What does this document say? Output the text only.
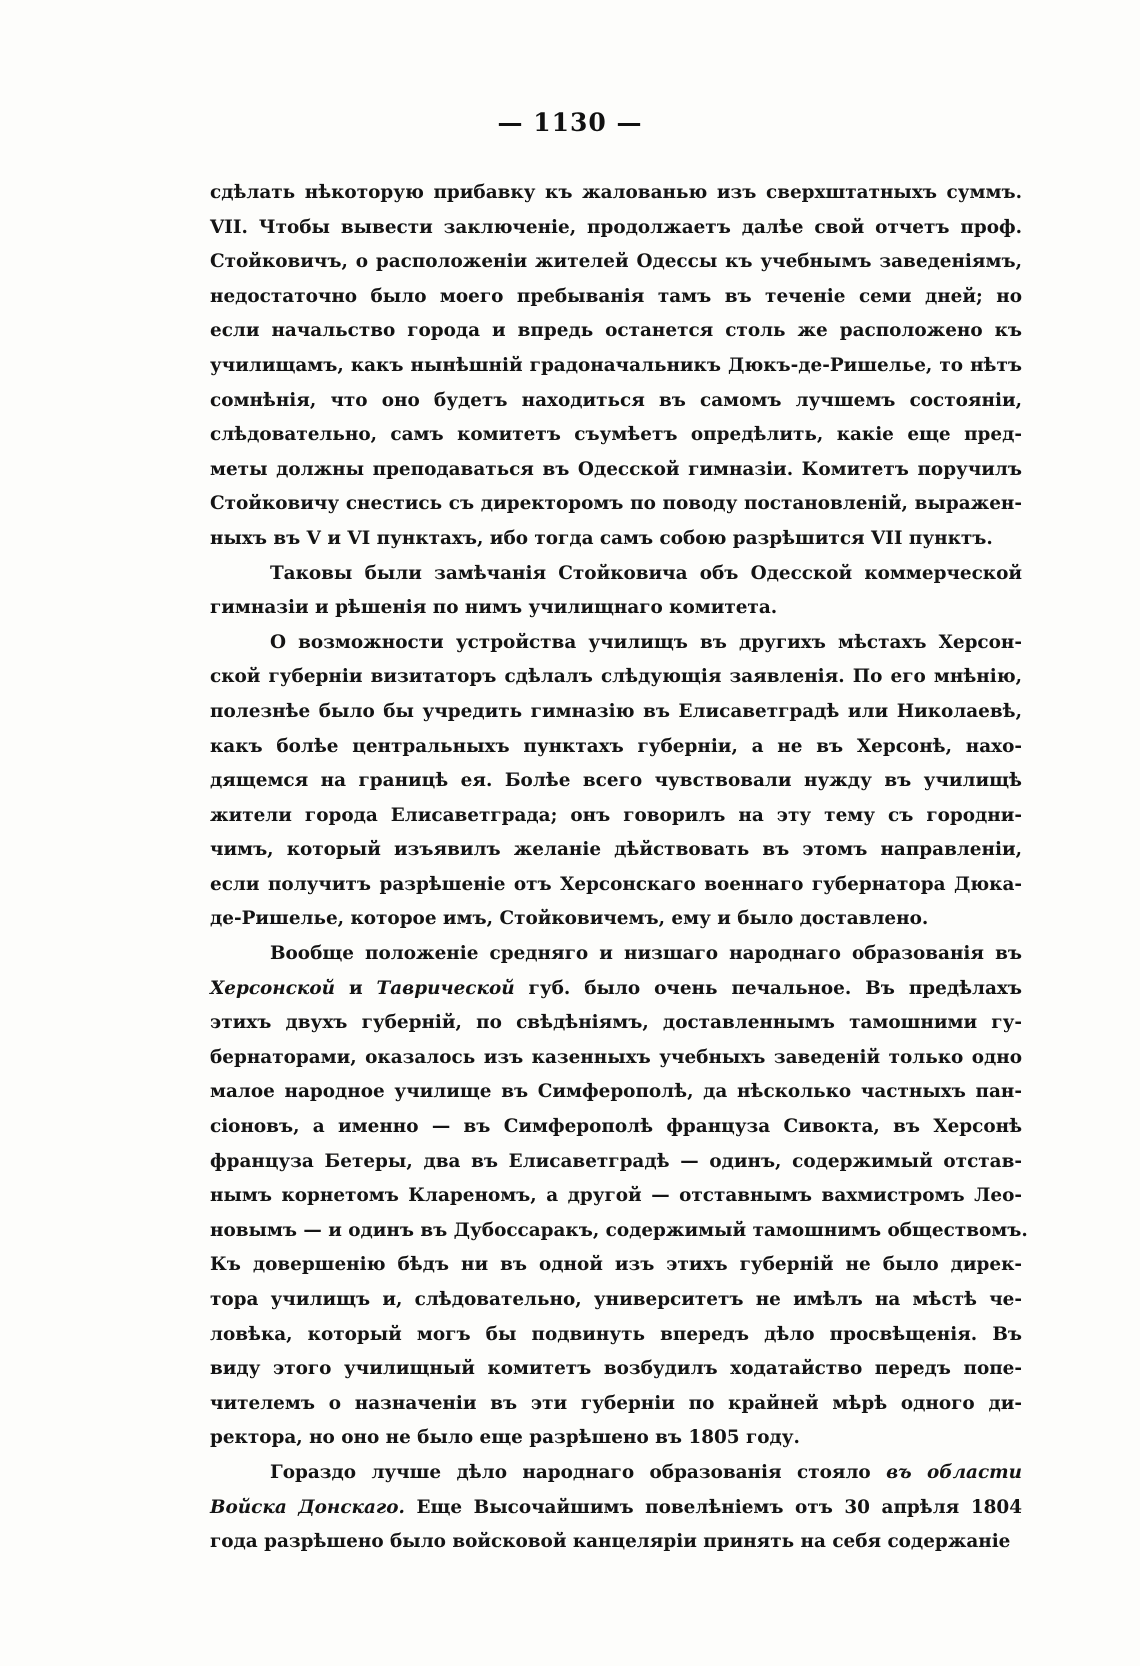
— 1130 —

сдѣлать нѣкоторую прибавку къ жалованью изъ сверхштатныхъ суммъ.
VII. Чтобы вывести заключеніе, продолжаетъ далѣе свой отчетъ проф.
Стойковичъ, о расположеніи жителей Одессы къ учебнымъ заведеніямъ,
недостаточно было моего пребыванія тамъ въ теченіе семи дней; но
если начальство города и впредь останется столь же расположено къ
училищамъ, какъ нынѣшній градоначальникъ Дюкъ-де-Ришелье, то нѣтъ
сомнѣнія, что оно будетъ находиться въ самомъ лучшемъ состояніи,
слѣдовательно, самъ комитетъ съумѣетъ опредѣлить, какіе еще пред-
меты должны преподаваться въ Одесской гимназіи. Комитетъ поручилъ
Стойковичу снестись съ директоромъ по поводу постановленій, выражен-
ныхъ въ V и VI пунктахъ, ибо тогда самъ собою разрѣшится VII пунктъ.

Таковы были замѣчанія Стойковича объ Одесской коммерческой
гимназіи и рѣшенія по нимъ училищнаго комитета.

О возможности устройства училищъ въ другихъ мѣстахъ Херсон-
ской губерніи визитаторъ сдѣлалъ слѣдующія заявленія. По его мнѣнію,
полезнѣе было бы учредить гимназію въ Елисаветградѣ или Николаевѣ,
какъ болѣе центральныхъ пунктахъ губерніи, а не въ Херсонѣ, нахо-
дящемся на границѣ ея. Болѣе всего чувствовали нужду въ училищѣ
жители города Елисаветграда; онъ говорилъ на эту тему съ городни-
чимъ, который изъявилъ желаніе дѣйствовать въ этомъ направленіи,
если получитъ разрѣшеніе отъ Херсонскаго военнаго губернатора Дюка-
де-Ришелье, которое имъ, Стойковичемъ, ему и было доставлено.

Вообще положеніе средняго и низшаго народнаго образованія въ
Херсонской и Таврической губ. было очень печальное. Въ предѣлахъ
этихъ двухъ губерній, по свѣдѣніямъ, доставленнымъ тамошними гу-
бернаторами, оказалось изъ казенныхъ учебныхъ заведеній только одно
малое народное училище въ Симферополѣ, да нѣсколько частныхъ пан-
сіоновъ, а именно — въ Симферополѣ француза Сивокта, въ Херсонѣ
француза Бетеры, два въ Елисаветградѣ — одинъ, содержимый отстав-
нымъ корнетомъ Клареномъ, а другой — отставнымъ вахмистромъ Лео-
новымъ — и одинъ въ Дубоссаракъ, содержимый тамошнимъ обществомъ.
Къ довершенію бѣдъ ни въ одной изъ этихъ губерній не было дирек-
тора училищъ и, слѣдовательно, университетъ не имѣлъ на мѣстѣ че-
ловѣка, который могъ бы подвинуть впередъ дѣло просвѣщенія. Въ
виду этого училищный комитетъ возбудилъ ходатайство передъ попе-
чителемъ о назначеніи въ эти губерніи по крайней мѣрѣ одного ди-
ректора, но оно не было еще разрѣшено въ 1805 году.

Гораздо лучше дѣло народнаго образованія стояло въ области
Войска Донскаго. Еще Высочайшимъ повелѣніемъ отъ 30 апрѣля 1804
года разрѣшено было войсковой канцеляріи принять на себя содержаніе
